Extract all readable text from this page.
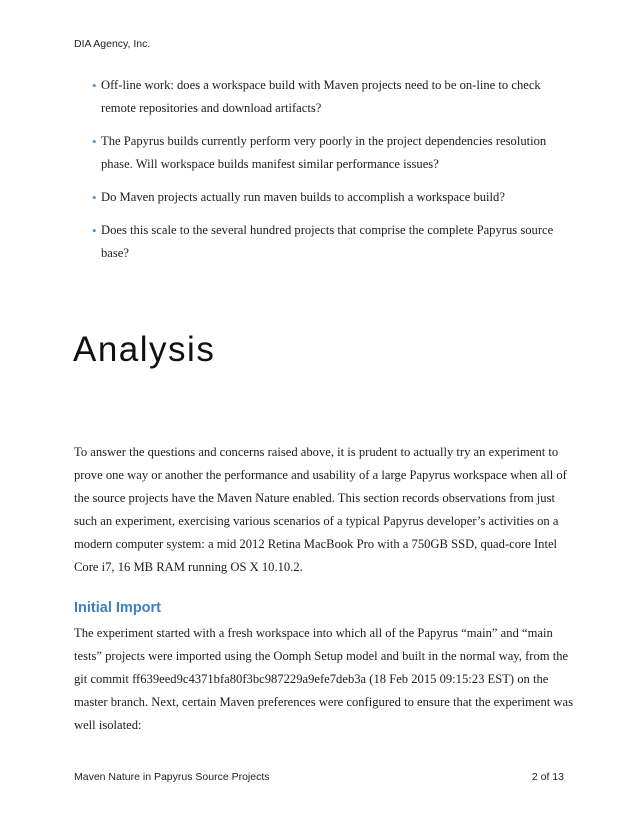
DIA Agency, Inc.
• Off-line work: does a workspace build with Maven projects need to be on-line to check remote repositories and download artifacts?
• The Papyrus builds currently perform very poorly in the project dependencies resolution phase. Will workspace builds manifest similar performance issues?
• Do Maven projects actually run maven builds to accomplish a workspace build?
• Does this scale to the several hundred projects that comprise the complete Papyrus source base?
Analysis

To answer the questions and concerns raised above, it is prudent to actually try an experiment to prove one way or another the performance and usability of a large Papyrus workspace when all of the source projects have the Maven Nature enabled. This section records observations from just such an experiment, exercising various scenarios of a typical Papyrus developer’s activities on a modern computer system: a mid 2012 Retina MacBook Pro with a 750GB SSD, quad-core Intel Core i7, 16 MB RAM running OS X 10.10.2.

Initial Import

The experiment started with a fresh workspace into which all of the Papyrus “main” and “main tests” projects were imported using the Oomph Setup model and built in the normal way, from the git commit ff639eed9c4371bfa80f3bc987229a9efe7deb3a (18 Feb 2015 09:15:23 EST) on the master branch. Next, certain Maven preferences were configured to ensure that the experiment was well isolated:

Maven Nature in Papyrus Source Projects	2 of 13
